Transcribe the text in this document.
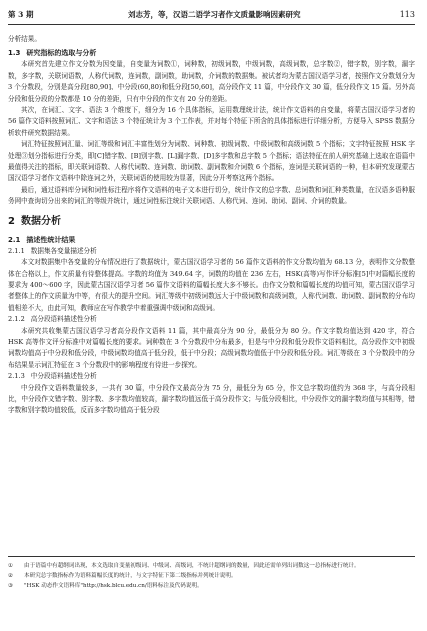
第 3 期	刘志芳，等，汉语二语学习者作文质量影响因素研究	113

分析结果。

1.3 研究指标的选取与分析

本研究首先建立作文分数为因变量，自变量为词数①，词种数，初级词数，中级词数，高级词数，总字数②，错字数，别字数，漏字数，多字数，关联词语数，人称代词数，连词数，副词数，助词数，介词数的数据集。被试者均为蒙古国汉语学习者，按照作文分数划分为 3 个分数段，分别是高分段[80,90]、中分段(60,80)和低分段[50,60]，高分段作文 11 篇，中分段作文 30 篇，低分段作文 15 篇。另外高分段和低分段的分数都是 10 分的差距，只有中分段的作文有 20 分的差距。

其次，在词汇、文字、语法 3 个维度下，细分为 16 个具体指标，运用数理统计法，统计作文语料的自变量，将蒙古国汉语学习者的 56 篇作文语料按照词汇、文字和语法 3 个特征统计为 3 个工作表，并对每个特征下所含的具体指标进行详细分析，方便导入 SPSS 数据分析软件研究数据结果。

词汇特征按照词汇量、词汇等级和词汇丰富性划分为词数、词种数、初级词数、中级词数和高级词数 5 个指标；文字特征按照 HSK 字处理③划分指标进行分类，即[C]错字数、[B]别字数、[L]漏字数、[D]多字数和总字数 5 个指标；语法特征在前人研究基础上选取在语篇中最值得关注的指标，即关联词语数、人称代词数、连词数、助词数、副词数和介词数 6 个指标，连词是关联词语的一种，但本研究发现蒙古国汉语学习者作文语料中除连词之外，关联词语的使用较为显著，因此分开考察这两个指标。

最后，通过语料库分词和词性标注程序将作文语料的电子文本进行切分，统计作文的总字数、总词数和词汇种类数量，在汉语多语种服务网中查询切分出来的词汇的等级并统计，通过词性标注统计关联词语、人称代词、连词、助词、副词、介词的数量。

2 数据分析
2.1 描述性统计结果
2.1.1 数据集各变量描述分析

本文对数据集中各变量的分布情况进行了数据统计，蒙古国汉语学习者的 56 篇作文语料的作文分数均值为 68.13 分，表明作文分数整体在合格以上，作文质量有待整体提高。字数的均值为 349.64 字，词数的均值在 236 左右，HSK(高等)写作评分标准[5]中对篇幅长度的要求为 400～600 字，因此蒙古国汉语学习者 56 篇作文语料的篇幅长度大多不够长。由作文分数和篇幅长度的均值可知，蒙古国汉语学习者整体上的作文质量为中等，有很大的提升空间。词汇等级中初级词数远大于中级词数和高级词数，人称代词数、助词数、副词数的分布均值相差不大，由此可知，教师应在写作教学中着重强调中级词和高级词。

2.1.2 高分段语料描述性分析

本研究共收集蒙古国汉语学习者高分段作文语料 11 篇，其中最高分为 90 分，最低分为 80 分。作文字数均值达到 420 字，符合 HSK 高等作文评分标准中对篇幅长度的要求。词种数在 3 个分数段中分布最多，但是与中分段和低分段作文语料相比，高分段作文中初级词数均值高于中分段和低分段，中级词数均值高于低分段，低于中分段；高级词数均值低于中分段和低分段。词汇等级在 3 个分数段中的分布结果显示词汇特征在 3 个分数段中的影响程度有待进一步探究。

2.1.3 中分段语料描述性分析

中分段作文语料数量较多，一共有 30 篇，中分段作文最高分为 75 分，最低分为 65 分，作文总字数均值约为 368 字，与高分段相比，中分段作文错字数、别字数、多字数均值较高，漏字数均值远低于高分段作文；与低分段相比，中分段作文的漏字数均值与其相等，错字数和别字数均值较低，反而多字数均值高于低分段

①	由于语篇中有超纲词出现，本文选取自变量初级词、中级词、高级词，不统计超纲词的数量，因此还需单列出词数这一总指标进行统计。
②	本研究总字数指标作为语料篇幅长度的统计，与文字特征下第二级指标并列统计说明。
③	"HSK 动态作文语料库"http://hsk.blcu.edu.cn/语料标注及代码说明。
